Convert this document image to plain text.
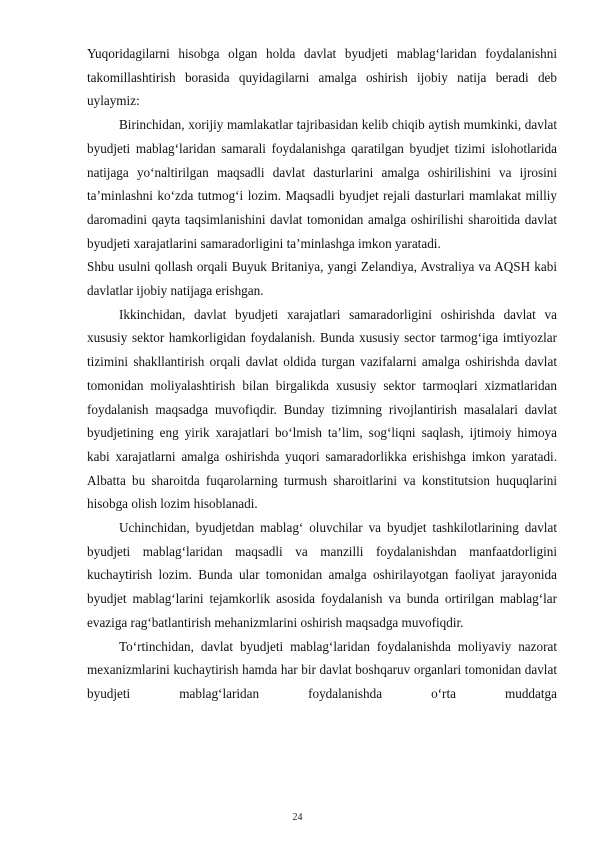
Yuqoridagilarni hisobga olgan holda davlat byudjeti mablag‘laridan foydalanishni takomillashtirish borasida quyidagilarni amalga oshirish ijobiy natija beradi deb uylaymiz:

Birinchidan, xorijiy mamlakatlar tajribasidan kelib chiqib aytish mumkinki, davlat byudjeti mablag‘laridan samarali foydalanishga qaratilgan byudjet tizimi islohotlarida natijaga yo‘naltirilgan maqsadli davlat dasturlarini amalga oshirilishini va ijrosini ta’minlashni ko‘zda tutmog‘i lozim. Maqsadli byudjet rejali dasturlari mamlakat milliy daromadini qayta taqsimlanishini davlat tomonidan amalga oshirilishi sharoitida davlat byudjeti xarajatlarini samaradorligini ta’minlashga imkon yaratadi.

Shbu usulni qollash orqali Buyuk Britaniya, yangi Zelandiya, Avstraliya va AQSH kabi davlatlar ijobiy natijaga erishgan.

Ikkinchidan, davlat byudjeti xarajatlari samaradorligini oshirishda davlat va xususiy sektor hamkorligidan foydalanish. Bunda xususiy sector tarmog‘iga imtiyozlar tizimini shakllantirish orqali davlat oldida turgan vazifalarni amalga oshirishda davlat tomonidan moliyalashtirish bilan birgalikda xususiy sektor tarmoqlari xizmatlaridan foydalanish maqsadga muvofiqdir. Bunday tizimning rivojlantirish masalalari davlat byudjetining eng yirik xarajatlari bo‘lmish ta’lim, sog‘liqni saqlash, ijtimoiy himoya kabi xarajatlarni amalga oshirishda yuqori samaradorlikka erishishga imkon yaratadi. Albatta bu sharoitda fuqarolarning turmush sharoitlarini va konstitutsion huquqlarini hisobga olish lozim hisoblanadi.

Uchinchidan, byudjetdan mablag‘ oluvchilar va byudjet tashkilotlarining davlat byudjeti mablag‘laridan maqsadli va manzilli foydalanishdan manfaatdorligini kuchaytirish lozim. Bunda ular tomonidan amalga oshirilayotgan faoliyat jarayonida byudjet mablag‘larini tejamkorlik asosida foydalanish va bunda ortirilgan mablag‘lar evaziga rag‘batlantirish mehanizmlarini oshirish maqsadga muvofiqdir.

To‘rtinchidan, davlat byudjeti mablag‘laridan foydalanishda moliyaviy nazorat mexanizmlarini kuchaytirish hamda har bir davlat boshqaruv organlari tomonidan davlat byudjeti mablag‘laridan foydalanishda o‘rta muddatga

24
